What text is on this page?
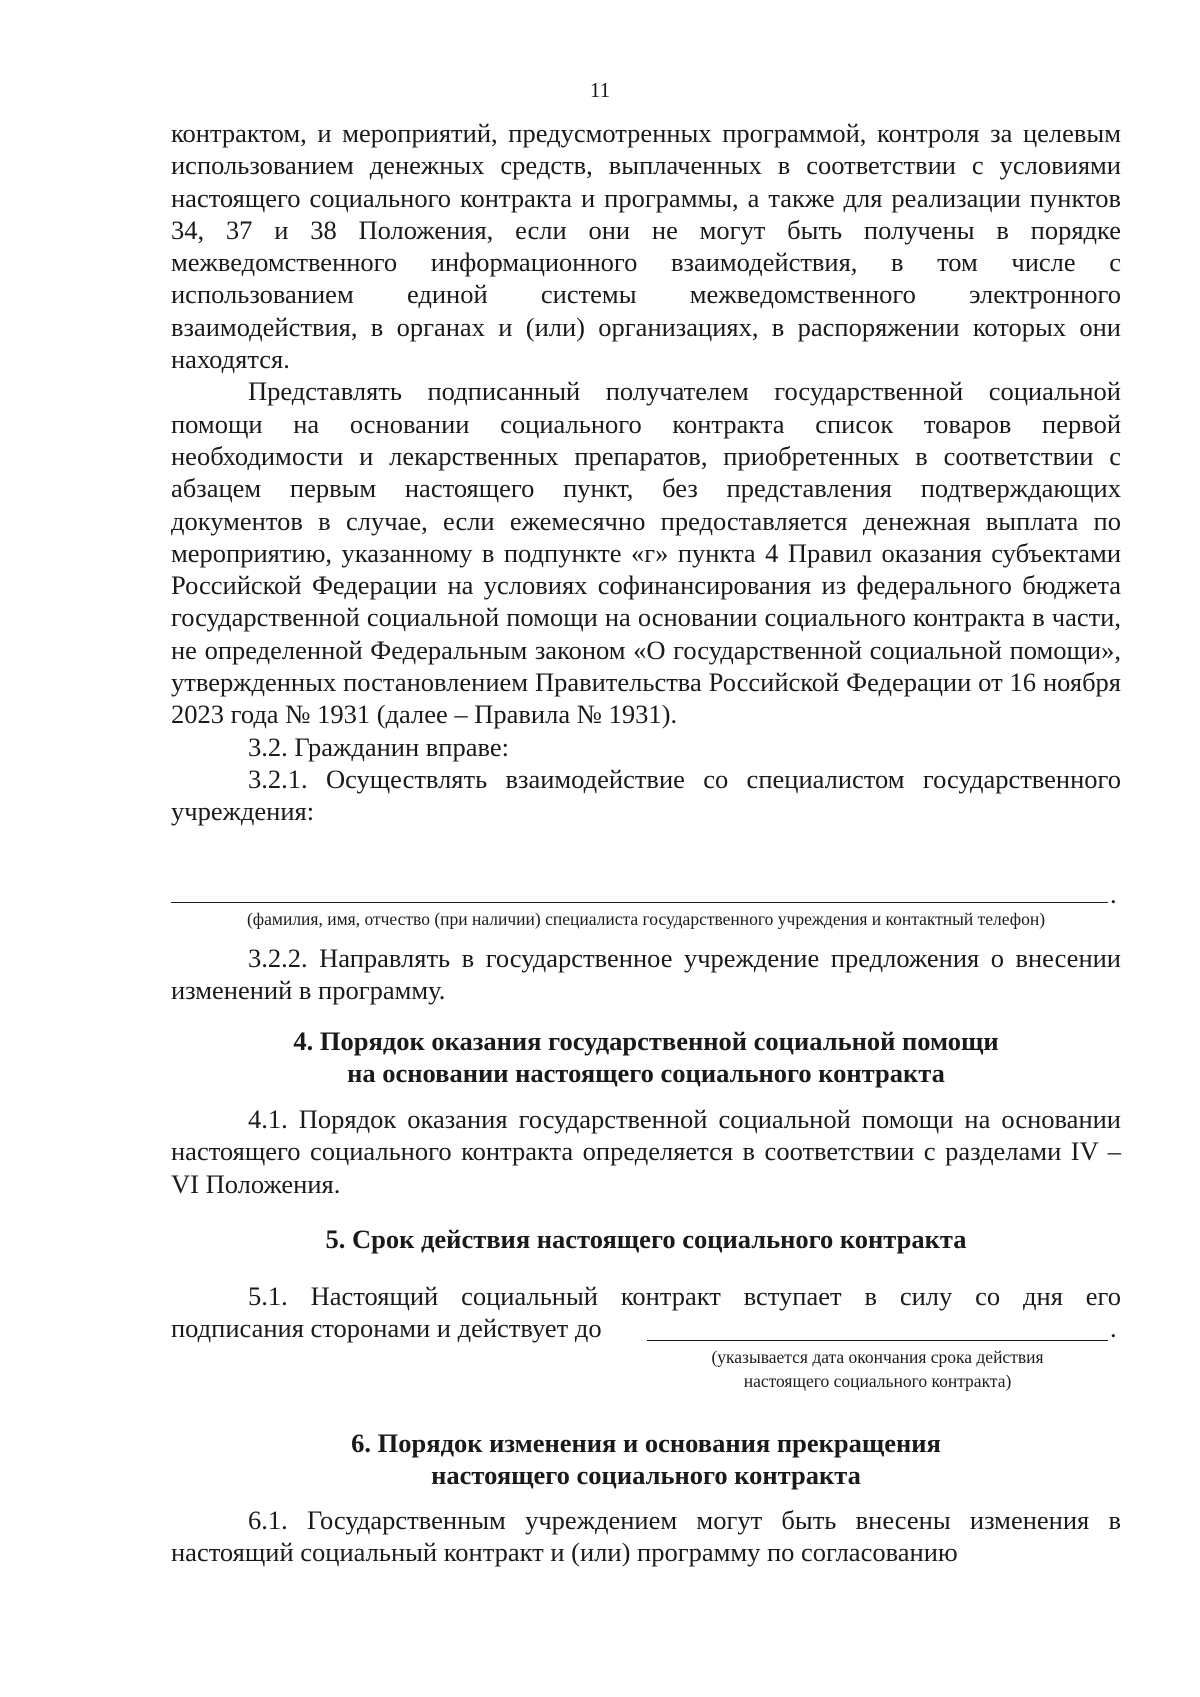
11

контрактом, и мероприятий, предусмотренных программой, контроля за целевым использованием денежных средств, выплаченных в соответствии с условиями настоящего социального контракта и программы, а также для реализации пунктов 34, 37 и 38 Положения, если они не могут быть получены в порядке межведомственного информационного взаимодействия, в том числе с использованием единой системы межведомственного электронного взаимодействия, в органах и (или) организациях, в распоряжении которых они находятся.

Представлять подписанный получателем государственной социальной помощи на основании социального контракта список товаров первой необходимости и лекарственных препаратов, приобретенных в соответствии с абзацем первым настоящего пункт, без представления подтверждающих документов в случае, если ежемесячно предоставляется денежная выплата по мероприятию, указанному в подпункте «г» пункта 4 Правил оказания субъектами Российской Федерации на условиях софинансирования из федерального бюджета государственной социальной помощи на основании социального контракта в части, не определенной Федеральным законом «О государственной социальной помощи», утвержденных постановлением Правительства Российской Федерации от 16 ноября 2023 года № 1931 (далее – Правила № 1931).

3.2. Гражданин вправе:

3.2.1. Осуществлять взаимодействие со специалистом государственного учреждения:

.
(фамилия, имя, отчество (при наличии) специалиста государственного учреждения и контактный телефон)

3.2.2. Направлять в государственное учреждение предложения о внесении изменений в программу.

4. Порядок оказания государственной социальной помощи
на основании настоящего социального контракта

4.1. Порядок оказания государственной социальной помощи на основании настоящего социального контракта определяется в соответствии с разделами IV – VI Положения.

5. Срок действия настоящего социального контракта

5.1. Настоящий социальный контракт вступает в силу со дня его

подписания сторонами и действует до	.
(указывается дата окончания срока действия
настоящего социального контракта)
6. Порядок изменения и основания прекращения
настоящего социального контракта

6.1. Государственным учреждением могут быть внесены изменения в настоящий социальный контракт и (или) программу по согласованию
